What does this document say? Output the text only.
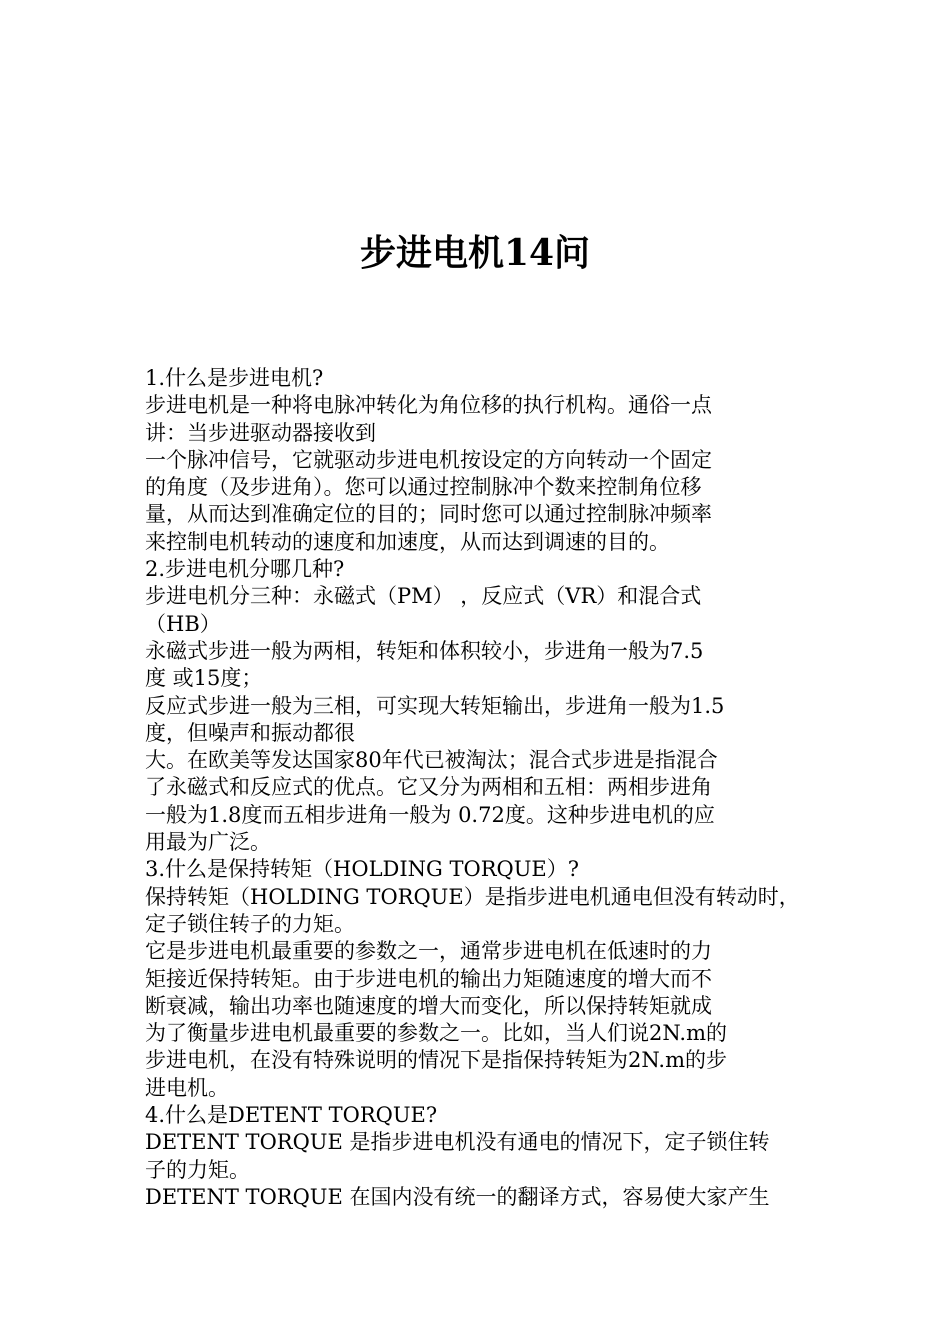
步进电机14问
1.什么是步进电机?
步进电机是一种将电脉冲转化为角位移的执行机构。通俗一点
讲：当步进驱动器接收到
一个脉冲信号，它就驱动步进电机按设定的方向转动一个固定
的角度（及步进角）。您可以通过控制脉冲个数来控制角位移
量，从而达到准确定位的目的；同时您可以通过控制脉冲频率
来控制电机转动的速度和加速度，从而达到调速的目的。
2.步进电机分哪几种?
步进电机分三种：永磁式（PM） ，反应式（VR）和混合式
（HB）
永磁式步进一般为两相，转矩和体积较小，步进角一般为7.5
度 或15度；
反应式步进一般为三相，可实现大转矩输出，步进角一般为1.5
度，但噪声和振动都很
大。在欧美等发达国家80年代已被淘汰；混合式步进是指混合
了永磁式和反应式的优点。它又分为两相和五相：两相步进角
一般为1.8度而五相步进角一般为 0.72度。这种步进电机的应
用最为广泛。
3.什么是保持转矩（HOLDING TORQUE）?
保持转矩（HOLDING TORQUE）是指步进电机通电但没有转动时，
定子锁住转子的力矩。
它是步进电机最重要的参数之一，通常步进电机在低速时的力
矩接近保持转矩。由于步进电机的输出力矩随速度的增大而不
断衰减，输出功率也随速度的增大而变化，所以保持转矩就成
为了衡量步进电机最重要的参数之一。比如，当人们说2N.m的
步进电机，在没有特殊说明的情况下是指保持转矩为2N.m的步
进电机。
4.什么是DETENT TORQUE?
DETENT TORQUE 是指步进电机没有通电的情况下，定子锁住转
子的力矩。
DETENT TORQUE 在国内没有统一的翻译方式，容易使大家产生
